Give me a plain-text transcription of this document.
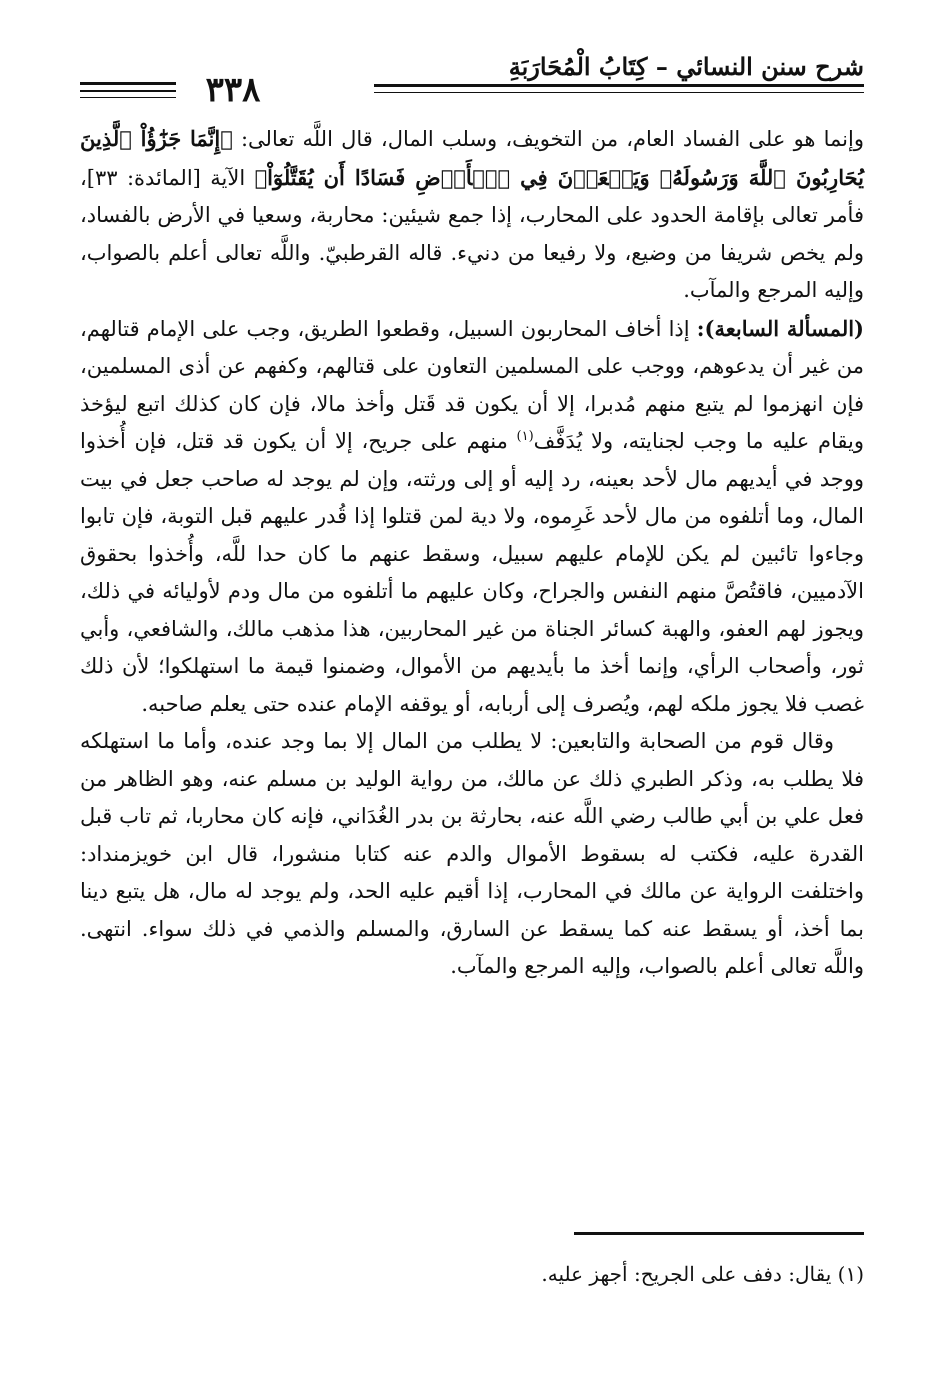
شرح سنن النسائي – كِتَابُ الْمُحَارَبَةِ
٣٣٨

وإنما هو على الفساد العام، من التخويف، وسلب المال، قال اللَّه تعالى: ﴿إِنَّمَا جَزَٰٓؤُاْ ٱلَّذِينَ يُحَارِبُونَ ٱللَّهَ وَرَسُولَهُۥ وَيَسۡعَوۡنَ فِي ٱلۡأَرۡضِ فَسَادًا أَن يُقَتَّلُوٓاْ﴾ الآية [المائدة: ٣٣]، فأمر تعالى بإقامة الحدود على المحارب، إذا جمع شيئين: محاربة، وسعيا في الأرض بالفساد، ولم يخص شريفا من وضيع، ولا رفيعا من دنيء. قاله القرطبيّ. واللَّه تعالى أعلم بالصواب، وإليه المرجع والمآب.

(المسألة السابعة): إذا أخاف المحاربون السبيل، وقطعوا الطريق، وجب على الإمام قتالهم، من غير أن يدعوهم، ووجب على المسلمين التعاون على قتالهم، وكفهم عن أذى المسلمين، فإن انهزموا لم يتبع منهم مُدبرا، إلا أن يكون قد قَتل وأخذ مالا، فإن كان كذلك اتبع ليؤخذ ويقام عليه ما وجب لجنايته، ولا يُدَفَّف$^{(١)}$ منهم على جريح، إلا أن يكون قد قتل، فإن أُخذوا ووجد في أيديهم مال لأحد بعينه، رد إليه أو إلى ورثته، وإن لم يوجد له صاحب جعل في بيت المال، وما أتلفوه من مال لأحد غَرِموه، ولا دية لمن قتلوا إذا قُدر عليهم قبل التوبة، فإن تابوا وجاءوا تائبين لم يكن للإمام عليهم سبيل، وسقط عنهم ما كان حدا للَّه، وأُخذوا بحقوق الآدميين، فاقتُصَّ منهم النفس والجراح، وكان عليهم ما أتلفوه من مال ودم لأوليائه في ذلك، ويجوز لهم العفو، والهبة كسائر الجناة من غير المحاربين، هذا مذهب مالك، والشافعي، وأبي ثور، وأصحاب الرأي، وإنما أخذ ما بأيديهم من الأموال، وضمنوا قيمة ما استهلكوا؛ لأن ذلك غصب فلا يجوز ملكه لهم، ويُصرف إلى أربابه، أو يوقفه الإمام عنده حتى يعلم صاحبه.

وقال قوم من الصحابة والتابعين: لا يطلب من المال إلا بما وجد عنده، وأما ما استهلكه فلا يطلب به، وذكر الطبري ذلك عن مالك، من رواية الوليد بن مسلم عنه، وهو الظاهر من فعل علي بن أبي طالب رضي اللَّه عنه، بحارثة بن بدر الغُدَاني، فإنه كان محاربا، ثم تاب قبل القدرة عليه، فكتب له بسقوط الأموال والدم عنه كتابا منشورا، قال ابن خويزمنداد: واختلفت الرواية عن مالك في المحارب، إذا أقيم عليه الحد، ولم يوجد له مال، هل يتبع دينا بما أخذ، أو يسقط عنه كما يسقط عن السارق، والمسلم والذمي في ذلك سواء. انتهى. واللَّه تعالى أعلم بالصواب، وإليه المرجع والمآب.

(١) يقال: دفف على الجريح: أجهز عليه.
